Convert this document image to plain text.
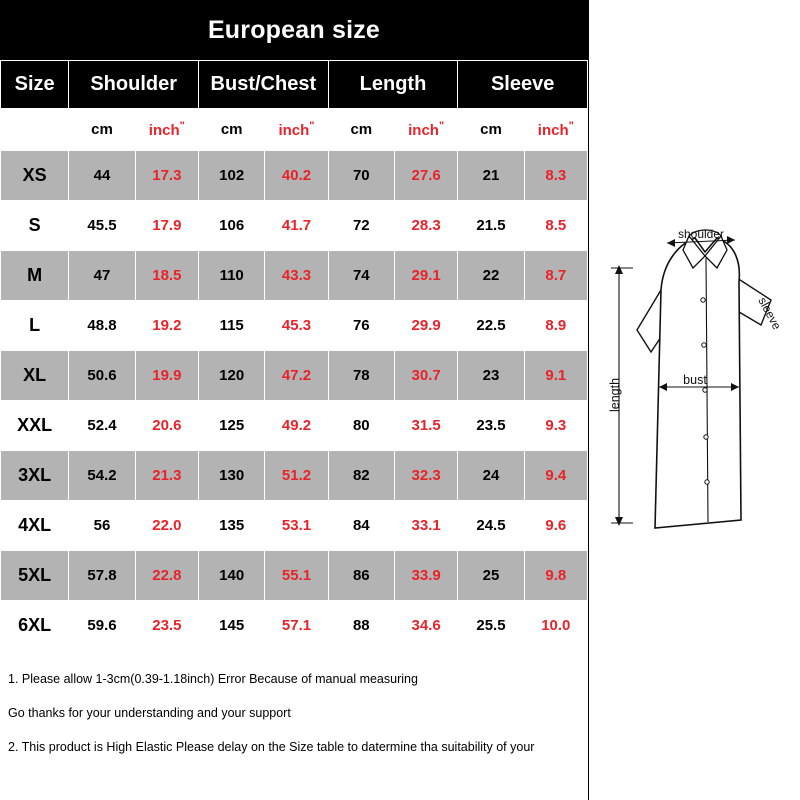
European size
Size	Shoulder		Bust/Chest		Length		Sleeve	
	cm	inch"	cm	inch"	cm	inch"	cm	inch"
XS	44	17.3	102	40.2	70	27.6	21	8.3
S	45.5	17.9	106	41.7	72	28.3	21.5	8.5
M	47	18.5	110	43.3	74	29.1	22	8.7
L	48.8	19.2	115	45.3	76	29.9	22.5	8.9
XL	50.6	19.9	120	47.2	78	30.7	23	9.1
XXL	52.4	20.6	125	49.2	80	31.5	23.5	9.3
3XL	54.2	21.3	130	51.2	82	32.3	24	9.4
4XL	56	22.0	135	53.1	84	33.1	24.5	9.6
5XL	57.8	22.8	140	55.1	86	33.9	25	9.8
6XL	59.6	23.5	145	57.1	88	34.6	25.5	10.0

1. Please allow 1-3cm(0.39-1.18inch) Error Because of manual measuring

Go thanks for your understanding and your support

2. This product is High Elastic Please delay on the Size table to datermine tha suitability of your

shoulder
bust
sleeve
length
